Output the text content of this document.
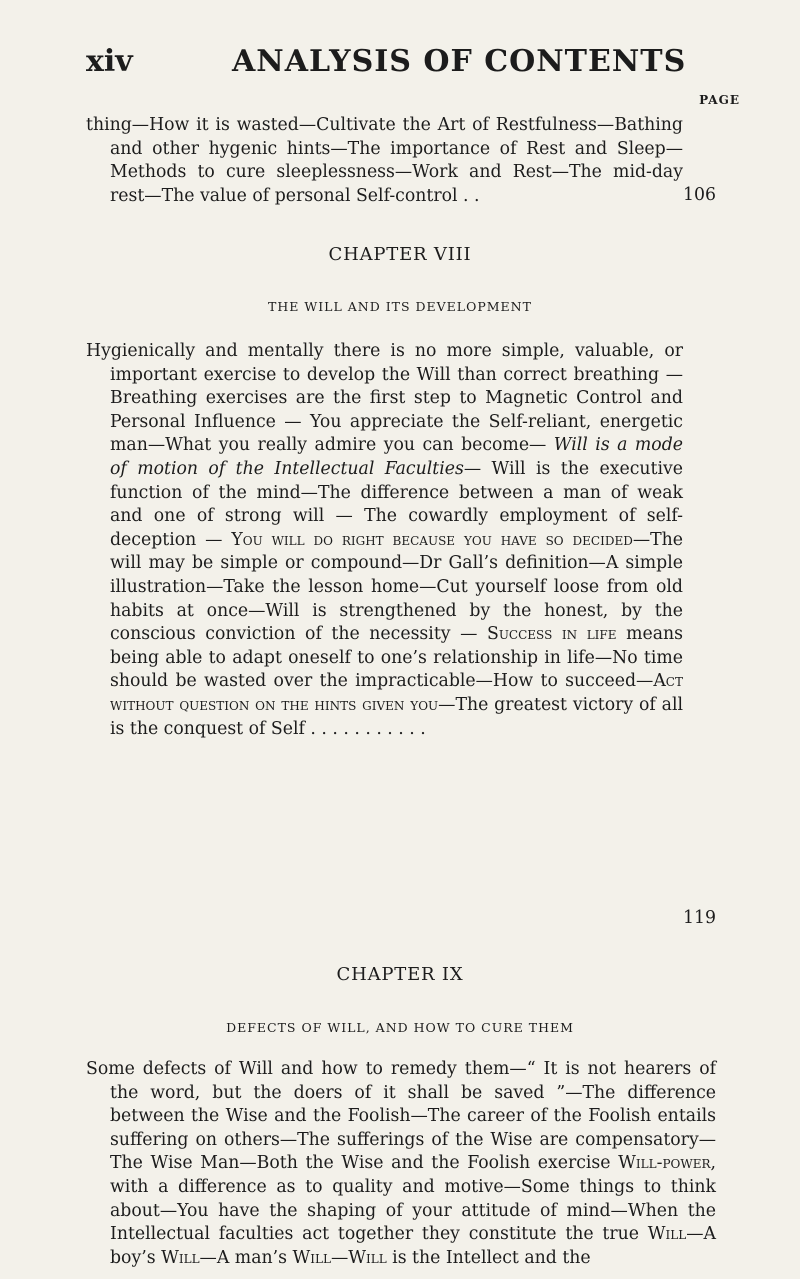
xiv	ANALYSIS OF CONTENTS
PAGE
106
thing—How it is wasted—Cultivate the Art of Restfulness—Bathing and other hygenic hints—The importance of Rest and Sleep—Methods to cure sleeplessness—Work and Rest—The mid-day rest—The value of personal Self-control . .
CHAPTER VIII
THE WILL AND ITS DEVELOPMENT
119
Hygienically and mentally there is no more simple, valuable, or important exercise to develop the Will than correct breathing —Breathing exercises are the first step to Magnetic Control and Personal Influence — You appreciate the Self-reliant, energetic man—What you really admire you can become— Will is a mode of motion of the Intellectual Faculties— Will is the executive function of the mind—The difference between a man of weak and one of strong will — The cowardly employment of self-deception — You will do right because you have so decided—The will may be simple or compound—Dr Gall’s definition—A simple illustration—Take the lesson home—Cut yourself loose from old habits at once—Will is strengthened by the honest, by the conscious conviction of the necessity — Success in life means being able to adapt oneself to one’s relationship in life—No time should be wasted over the impracticable—How to succeed—Act without question on the hints given you—The greatest victory of all is the conquest of Self . . . . . . . . . . .
CHAPTER IX
DEFECTS OF WILL, AND HOW TO CURE THEM
Some defects of Will and how to remedy them—“ It is not hearers of the word, but the doers of it shall be saved ”—The difference between the Wise and the Foolish—The career of the Foolish entails suffering on others—The sufferings of the Wise are compensatory—The Wise Man—Both the Wise and the Foolish exercise Will-power, with a difference as to quality and motive—Some things to think about—You have the shaping of your attitude of mind—When the Intellectual faculties act together they constitute the true Will—A boy’s Will—A man’s Will—Will is the Intellect and the
